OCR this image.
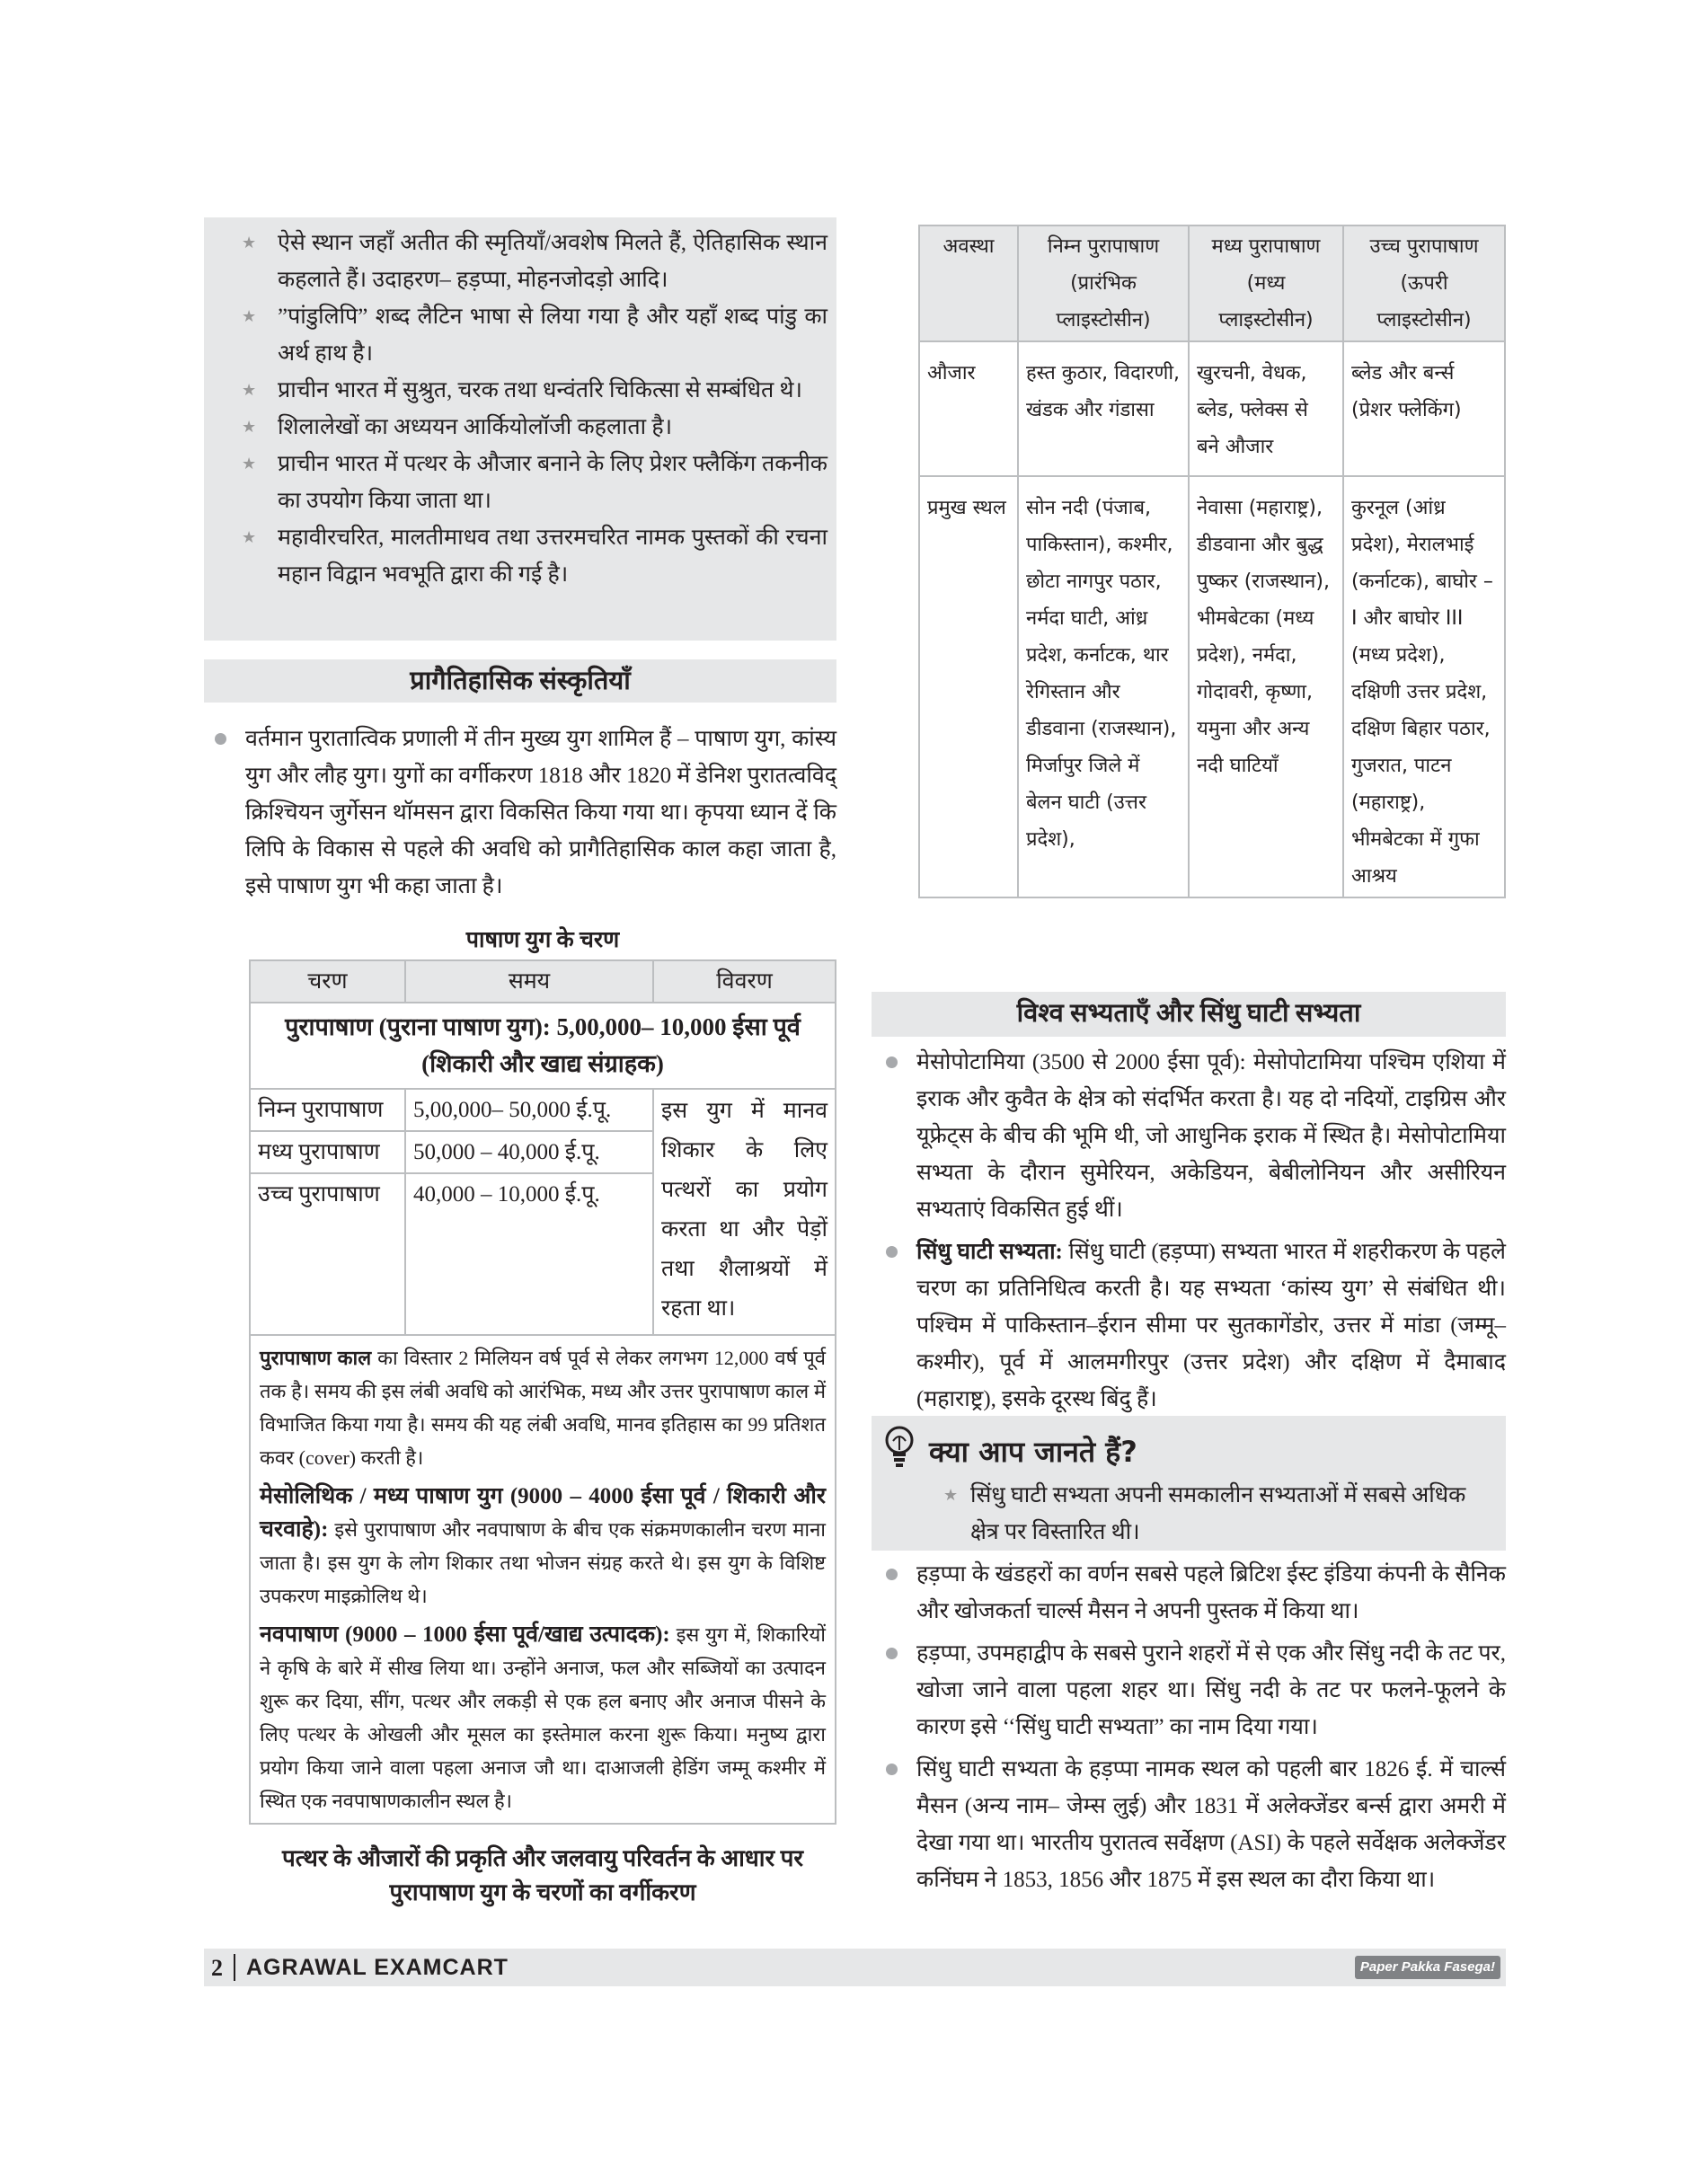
★ ऐसे स्थान जहाँ अतीत की स्मृतियाँ/अवशेष मिलते हैं, ऐतिहासिक स्थान कहलाते हैं। उदाहरण– हड़प्पा, मोहनजोदड़ो आदि।
★ ”पांडुलिपि” शब्द लैटिन भाषा से लिया गया है और यहाँ शब्द पांडु का अर्थ हाथ है।
★ प्राचीन भारत में सुश्रुत, चरक तथा धन्वंतरि चिकित्सा से सम्बंधित थे।
★ शिलालेखों का अध्ययन आर्कियोलॉजी कहलाता है।
★ प्राचीन भारत में पत्थर के औजार बनाने के लिए प्रेशर फ्लैकिंग तकनीक का उपयोग किया जाता था।
★ महावीरचरित, मालतीमाधव तथा उत्तरमचरित नामक पुस्तकों की रचना महान विद्वान भवभूति द्वारा की गई है।
प्रागैतिहासिक संस्कृतियाँ
वर्तमान पुरातात्विक प्रणाली में तीन मुख्य युग शामिल हैं – पाषाण युग, कांस्य युग और लौह युग। युगों का वर्गीकरण 1818 और 1820 में डेनिश पुरातत्वविद् क्रिश्चियन जुर्गेसन थॉमसन द्वारा विकसित किया गया था। कृपया ध्यान दें कि लिपि के विकास से पहले की अवधि को प्रागैतिहासिक काल कहा जाता है, इसे पाषाण युग भी कहा जाता है।
पाषाण युग के चरण
चरण	समय	विवरण
पुरापाषाण (पुराना पाषाण युग): 5,00,000– 10,000 ईसा पूर्व (शिकारी और खाद्य संग्राहक)		
निम्न पुरापाषाण	5,00,000– 50,000 ई.पू.	इस युग में मानव शिकार के लिए पत्थरों का प्रयोग करता था और पेड़ों तथा शैलाश्रयों में रहता था।
मध्य पुरापाषाण	50,000 – 40,000 ई.पू.	
उच्च पुरापाषाण	40,000 – 10,000 ई.पू.	

पुरापाषाण काल का विस्तार 2 मिलियन वर्ष पूर्व से लेकर लगभग 12,000 वर्ष पूर्व तक है। समय की इस लंबी अवधि को आरंभिक, मध्य और उत्तर पुरापाषाण काल में विभाजित किया गया है। समय की यह लंबी अवधि, मानव इतिहास का 99 प्रतिशत कवर (cover) करती है।

मेसोलिथिक / मध्य पाषाण युग (9000 – 4000 ईसा पूर्व / शिकारी और चरवाहे): इसे पुरापाषाण और नवपाषाण के बीच एक संक्रमणकालीन चरण माना जाता है। इस युग के लोग शिकार तथा भोजन संग्रह करते थे। इस युग के विशिष्ट उपकरण माइक्रोलिथ थे।

नवपाषाण (9000 – 1000 ईसा पूर्व/खाद्य उत्पादक): इस युग में, शिकारियों ने कृषि के बारे में सीख लिया था। उन्होंने अनाज, फल और सब्जियों का उत्पादन शुरू कर दिया, सींग, पत्थर और लकड़ी से एक हल बनाए और अनाज पीसने के लिए पत्थर के ओखली और मूसल का इस्तेमाल करना शुरू किया। मनुष्य द्वारा प्रयोग किया जाने वाला पहला अनाज जौ था। दाआजली हेडिंग जम्मू कश्मीर में स्थित एक नवपाषाणकालीन स्थल है।		

पत्थर के औजारों की प्रकृति और जलवायु परिवर्तन के आधार पर पुरापाषाण युग के चरणों का वर्गीकरण
अवस्था	निम्न पुरापाषाण (प्रारंभिक प्लाइस्टोसीन)	मध्य पुरापाषाण (मध्य प्लाइस्टोसीन)	उच्च पुरापाषाण (ऊपरी प्लाइस्टोसीन)
औजार	हस्त कुठार, विदारणी, खंडक और गंडासा	खुरचनी, वेधक, ब्लेड, फ्लेक्स से बने औजार	ब्लेड और बर्न्स (प्रेशर फ्लेकिंग)
प्रमुख स्थल	सोन नदी (पंजाब, पाकिस्तान), कश्मीर, छोटा नागपुर पठार, नर्मदा घाटी, आंध्र प्रदेश, कर्नाटक, थार रेगिस्तान और डीडवाना (राजस्थान), मिर्जापुर जिले में बेलन घाटी (उत्तर प्रदेश),	नेवासा (महाराष्ट्र), डीडवाना और बुद्ध पुष्कर (राजस्थान), भीमबेटका (मध्य प्रदेश), नर्मदा, गोदावरी, कृष्णा, यमुना और अन्य नदी घाटियाँ	कुरनूल (आंध्र प्रदेश), मेरालभाई (कर्नाटक), बाघोर –I और बाघोर III (मध्य प्रदेश), दक्षिणी उत्तर प्रदेश, दक्षिण बिहार पठार, गुजरात, पाटन (महाराष्ट्र), भीमबेटका में गुफा आश्रय
विश्व सभ्यताएँ और सिंधु घाटी सभ्यता

मेसोपोटामिया (3500 से 2000 ईसा पूर्व): मेसोपोटामिया पश्चिम एशिया में इराक और कुवैत के क्षेत्र को संदर्भित करता है। यह दो नदियों, टाइग्रिस और यूफ्रेट्स के बीच की भूमि थी, जो आधुनिक इराक में स्थित है। मेसोपोटामिया सभ्यता के दौरान सुमेरियन, अकेडियन, बेबीलोनियन और असीरियन सभ्यताएं विकसित हुई थीं।

सिंधु घाटी सभ्यता: सिंधु घाटी (हड़प्पा) सभ्यता भारत में शहरीकरण के पहले चरण का प्रतिनिधित्व करती है। यह सभ्यता ‘कांस्य युग’ से संबंधित थी। पश्चिम में पाकिस्तान–ईरान सीमा पर सुतकागेंडोर, उत्तर में मांडा (जम्मू–कश्मीर), पूर्व में आलमगीरपुर (उत्तर प्रदेश) और दक्षिण में दैमाबाद (महाराष्ट्र), इसके दूरस्थ बिंदु हैं।

क्या आप जानते हैं?
★ सिंधु घाटी सभ्यता अपनी समकालीन सभ्यताओं में सबसे अधिक क्षेत्र पर विस्तारित थी।

हड़प्पा के खंडहरों का वर्णन सबसे पहले ब्रिटिश ईस्ट इंडिया कंपनी के सैनिक और खोजकर्ता चार्ल्स मैसन ने अपनी पुस्तक में किया था।

हड़प्पा, उपमहाद्वीप के सबसे पुराने शहरों में से एक और सिंधु नदी के तट पर, खोजा जाने वाला पहला शहर था। सिंधु नदी के तट पर फलने-फूलने के कारण इसे ‘‘सिंधु घाटी सभ्यता” का नाम दिया गया।

सिंधु घाटी सभ्यता के हड़प्पा नामक स्थल को पहली बार 1826 ई. में चार्ल्स मैसन (अन्य नाम– जेम्स लुई) और 1831 में अलेक्जेंडर बर्न्स द्वारा अमरी में देखा गया था। भारतीय पुरातत्व सर्वेक्षण (ASI) के पहले सर्वेक्षक अलेक्जेंडर कनिंघम ने 1853, 1856 और 1875 में इस स्थल का दौरा किया था।

2 AGRAWAL EXAMCART	Paper Pakka Fasega!
